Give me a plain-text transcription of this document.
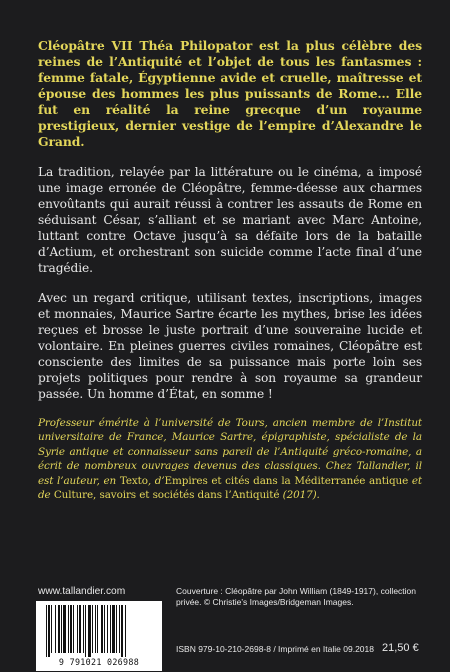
Cléopâtre VII Théa Philopator est la plus célèbre des reines de l’Antiquité et l’objet de tous les fantasmes : femme fatale, Égyptienne avide et cruelle, maîtresse et épouse des hommes les plus puissants de Rome… Elle fut en réalité la reine grecque d’un royaume prestigieux, dernier vestige de l’empire d’Alexandre le Grand.

La tradition, relayée par la littérature ou le cinéma, a imposé une image erronée de Cléopâtre, femme-déesse aux charmes envoûtants qui aurait réussi à contrer les assauts de Rome en séduisant César, s’alliant et se mariant avec Marc Antoine, luttant contre Octave jusqu’à sa défaite lors de la bataille d’Actium, et orchestrant son suicide comme l’acte final d’une tragédie.

Avec un regard critique, utilisant textes, inscriptions, images et monnaies, Maurice Sartre écarte les mythes, brise les idées reçues et brosse le juste portrait d’une souveraine lucide et volontaire. En pleines guerres civiles romaines, Cléopâtre est consciente des limites de sa puissance mais porte loin ses projets politiques pour rendre à son royaume sa grandeur passée. Un homme d’État, en somme !

Professeur émérite à l’université de Tours, ancien membre de l’Institut universitaire de France, Maurice Sartre, épigraphiste, spécialiste de la Syrie antique et connaisseur sans pareil de l’Antiquité gréco-romaine, a écrit de nombreux ouvrages devenus des classiques. Chez Tallandier, il est l’auteur, en Texto, d’Empires et cités dans la Méditerranée antique et de Culture, savoirs et sociétés dans l’Antiquité (2017).

www.tallandier.com
9 791021 026988
Couverture : Cléopâtre par John William (1849-1917), collection privée. © Christie’s Images/Bridgeman Images.
ISBN 979-10-210-2698-8 / Imprimé en Italie 09.2018 21,50 €
